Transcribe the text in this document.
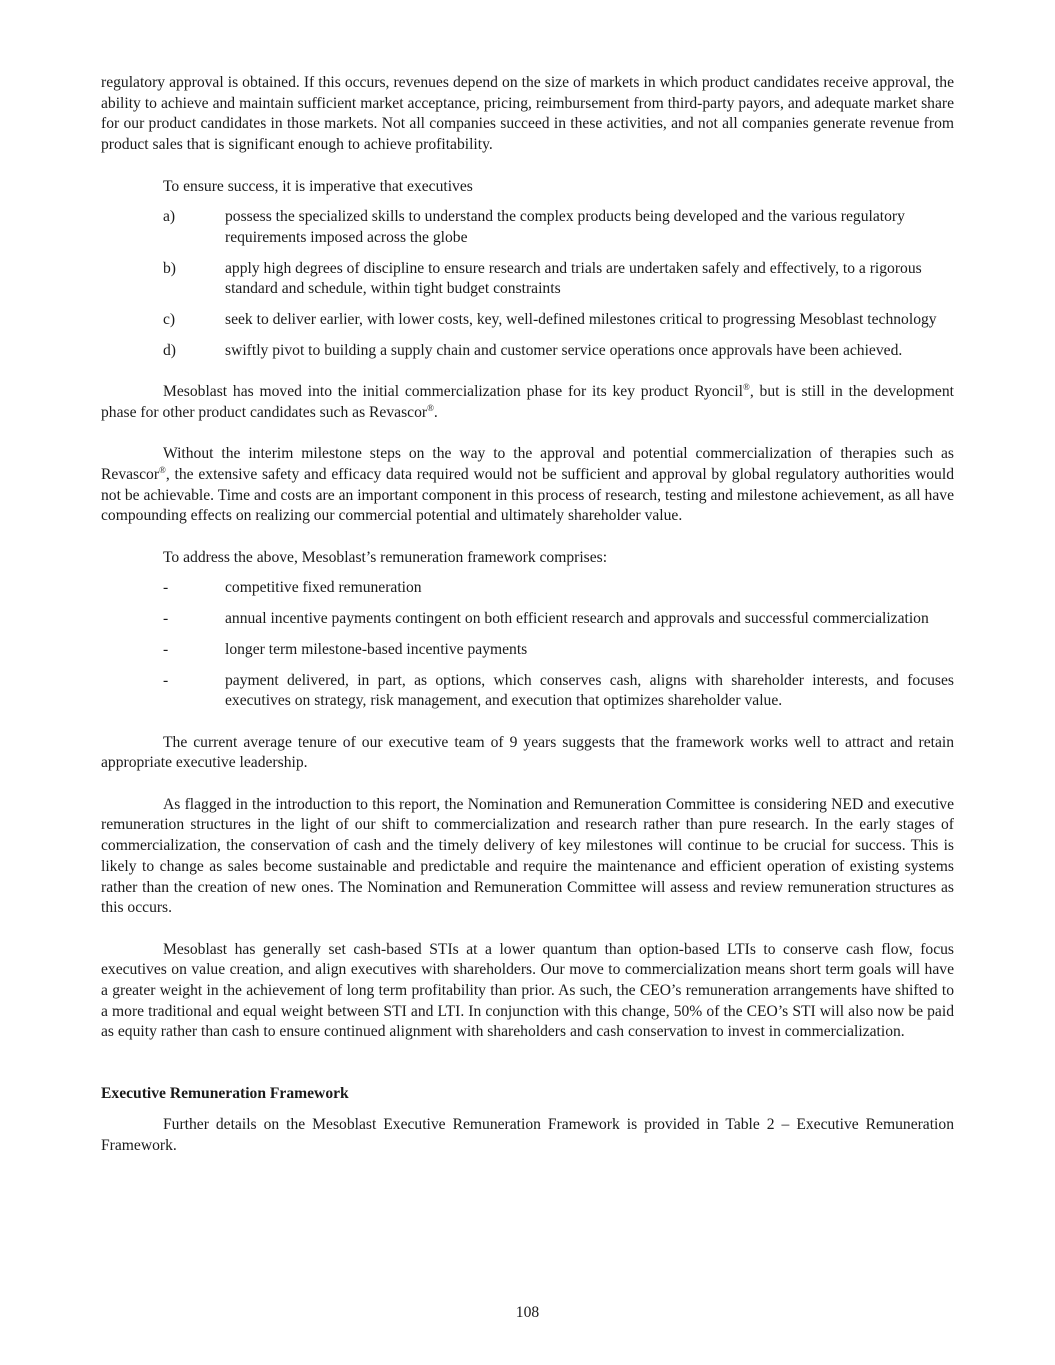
regulatory approval is obtained. If this occurs, revenues depend on the size of markets in which product candidates receive approval, the ability to achieve and maintain sufficient market acceptance, pricing, reimbursement from third-party payors, and adequate market share for our product candidates in those markets. Not all companies succeed in these activities, and not all companies generate revenue from product sales that is significant enough to achieve profitability.

To ensure success, it is imperative that executives

a)	possess the specialized skills to understand the complex products being developed and the various regulatory requirements imposed across the globe
b)	apply high degrees of discipline to ensure research and trials are undertaken safely and effectively, to a rigorous standard and schedule, within tight budget constraints
c)	seek to deliver earlier, with lower costs, key, well-defined milestones critical to progressing Mesoblast technology
d)	swiftly pivot to building a supply chain and customer service operations once approvals have been achieved.

Mesoblast has moved into the initial commercialization phase for its key product Ryoncil®, but is still in the development phase for other product candidates such as Revascor®.

Without the interim milestone steps on the way to the approval and potential commercialization of therapies such as Revascor®, the extensive safety and efficacy data required would not be sufficient and approval by global regulatory authorities would not be achievable. Time and costs are an important component in this process of research, testing and milestone achievement, as all have compounding effects on realizing our commercial potential and ultimately shareholder value.

To address the above, Mesoblast’s remuneration framework comprises:

-	competitive fixed remuneration
-	annual incentive payments contingent on both efficient research and approvals and successful commercialization
-	longer term milestone-based incentive payments
-	payment delivered, in part, as options, which conserves cash, aligns with shareholder interests, and focuses executives on strategy, risk management, and execution that optimizes shareholder value.

The current average tenure of our executive team of 9 years suggests that the framework works well to attract and retain appropriate executive leadership.

As flagged in the introduction to this report, the Nomination and Remuneration Committee is considering NED and executive remuneration structures in the light of our shift to commercialization and research rather than pure research. In the early stages of commercialization, the conservation of cash and the timely delivery of key milestones will continue to be crucial for success. This is likely to change as sales become sustainable and predictable and require the maintenance and efficient operation of existing systems rather than the creation of new ones. The Nomination and Remuneration Committee will assess and review remuneration structures as this occurs.

Mesoblast has generally set cash-based STIs at a lower quantum than option-based LTIs to conserve cash flow, focus executives on value creation, and align executives with shareholders. Our move to commercialization means short term goals will have a greater weight in the achievement of long term profitability than prior. As such, the CEO’s remuneration arrangements have shifted to a more traditional and equal weight between STI and LTI. In conjunction with this change, 50% of the CEO’s STI will also now be paid as equity rather than cash to ensure continued alignment with shareholders and cash conservation to invest in commercialization.

Executive Remuneration Framework

Further details on the Mesoblast Executive Remuneration Framework is provided in Table 2 – Executive Remuneration Framework.

108
